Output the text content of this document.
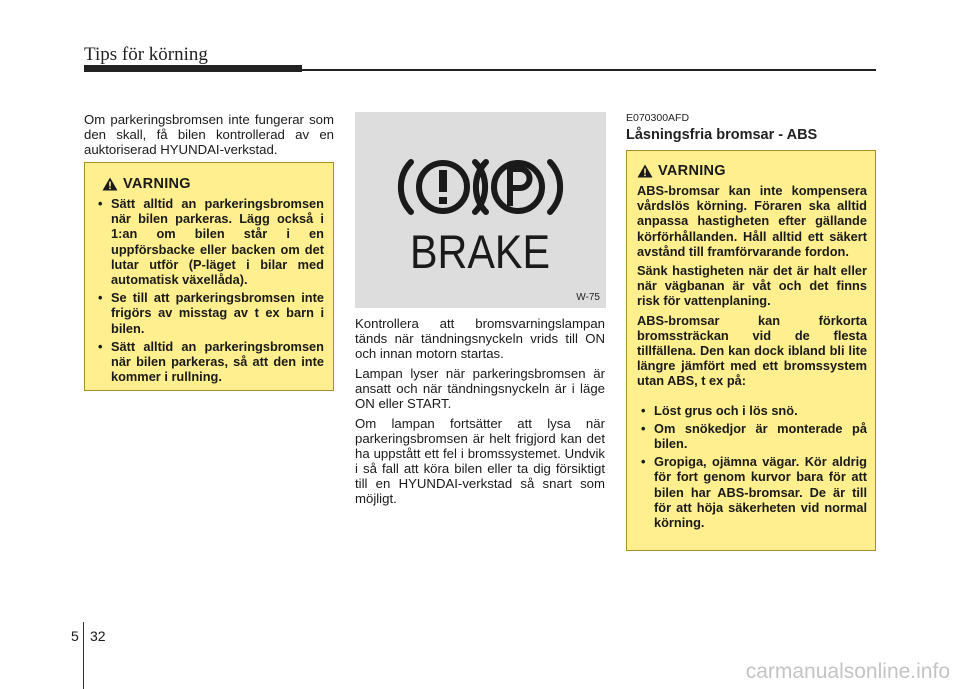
Tips för körning

Om parkeringsbromsen inte fungerar som den skall, få bilen kontrollerad av en auktoriserad HYUNDAI-verkstad.

VARNING
• Sätt alltid an parkeringsbromsen när bilen parkeras. Lägg också i 1:an om bilen står i en uppförsbacke eller backen om det lutar utför (P-läget i bilar med automatisk växellåda).
• Se till att parkeringsbromsen inte frigörs av misstag av t ex barn i bilen.
• Sätt alltid an parkeringsbromsen när bilen parkeras, så att den inte kommer i rullning.
BRAKE
W-75

Kontrollera att bromsvarningslampan tänds när tändningsnyckeln vrids till ON och innan motorn startas.

Lampan lyser när parkeringsbromsen är ansatt och när tändningsnyckeln är i läge ON eller START.

Om lampan fortsätter att lysa när parkeringsbromsen är helt frigjord kan det ha uppstått ett fel i bromssystemet. Undvik i så fall att köra bilen eller ta dig försiktigt till en HYUNDAI-verkstad så snart som möjligt.

E070300AFD
Låsningsfria bromsar - ABS
VARNING

ABS-bromsar kan inte kompensera vårdslös körning. Föraren ska alltid anpassa hastigheten efter gällande körförhållanden. Håll alltid ett säkert avstånd till framförvarande fordon.

Sänk hastigheten när det är halt eller när vägbanan är våt och det finns risk för vattenplaning.

ABS-bromsar kan förkorta bromssträckan vid de flesta tillfällena. Den kan dock ibland bli lite längre jämfört med ett bromssystem utan ABS, t ex på:

• Löst grus och i lös snö.
• Om snökedjor är monterade på bilen.
• Gropiga, ojämna vägar. Kör aldrig för fort genom kurvor bara för att bilen har ABS-bromsar. De är till för att höja säkerheten vid normal körning.
5 32
carmanualsonline.info
